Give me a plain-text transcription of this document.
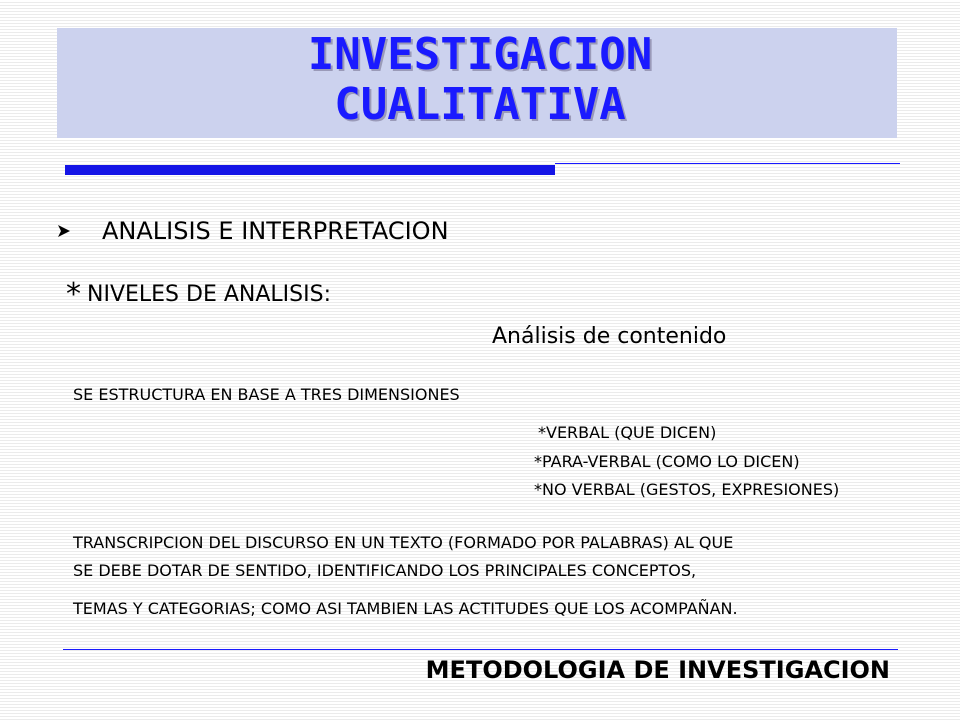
INVESTIGACION
CUALITATIVA
ANALISIS E INTERPRETACION
* NIVELES DE ANALISIS:
Análisis de contenido
SE ESTRUCTURA EN BASE A TRES DIMENSIONES
*VERBAL (QUE DICEN)
*PARA-VERBAL (COMO LO DICEN)
*NO VERBAL (GESTOS, EXPRESIONES)
TRANSCRIPCION DEL DISCURSO EN UN TEXTO (FORMADO POR PALABRAS) AL QUE
SE DEBE DOTAR DE SENTIDO, IDENTIFICANDO LOS PRINCIPALES CONCEPTOS,
TEMAS Y CATEGORIAS; COMO ASI TAMBIEN LAS ACTITUDES QUE LOS ACOMPAÑAN.
METODOLOGIA DE INVESTIGACION
